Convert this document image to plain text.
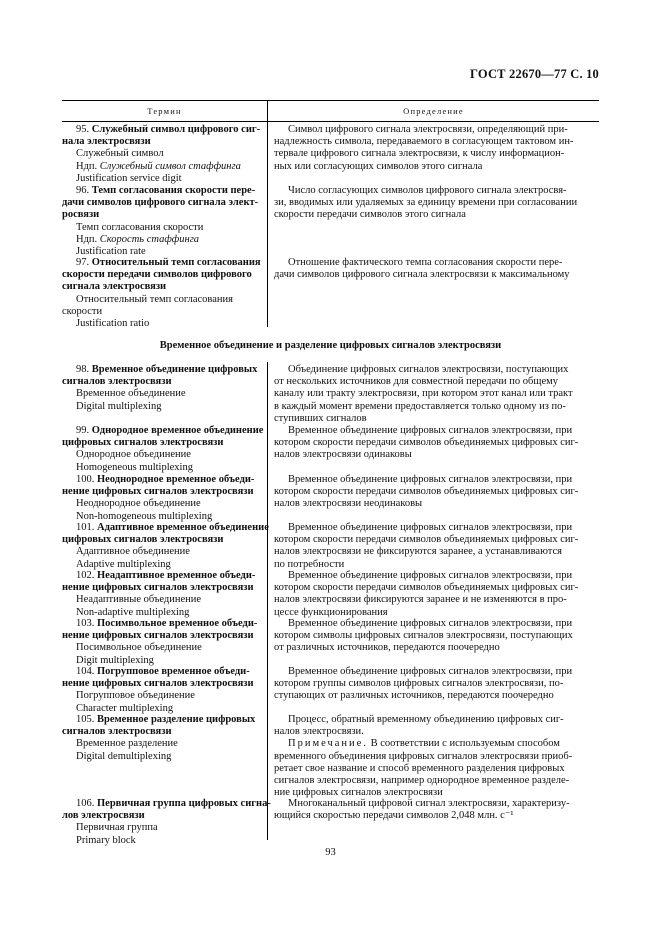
ГОСТ 22670—77 С. 10
Термин	Определение
95. Служебный символ цифрового сиг-
нала электросвязи
Служебный символ
Ндп. Служебный символ стаффинга
Justification service digit
Символ цифрового сигнала электросвязи, определяющий при-
надлежность символа, передаваемого в согласующем тактовом ин-
тервале цифрового сигнала электросвязи, к числу информацион-
ных или согласующих символов этого сигнала
96. Темп согласования скорости пере-
дачи символов цифрового сигнала элект-
росвязи
Темп согласования скорости
Ндп. Скорость стаффинга
Justification rate
Число согласующих символов цифрового сигнала электросвя-
зи, вводимых или удаляемых за единицу времени при согласовании
скорости передачи символов этого сигнала
97. Относительный темп согласования
скорости передачи символов цифрового
сигнала электросвязи
Относительный темп согласования
скорости
Justification ratio
Отношение фактического темпа согласования скорости пере-
дачи символов цифрового сигнала электросвязи к максимальному
Временное объединение и разделение цифровых сигналов электросвязи
98. Временное объединение цифровых
сигналов электросвязи
Временное объединение
Digital multiplexing
Объединение цифровых сигналов электросвязи, поступающих
от нескольких источников для совместной передачи по общему
каналу или тракту электросвязи, при котором этот канал или тракт
в каждый момент времени предоставляется только одному из по-
ступивших сигналов
99. Однородное временное объединение
цифровых сигналов электросвязи
Однородное объединение
Homogeneous multiplexing
Временное объединение цифровых сигналов электросвязи, при
котором скорости передачи символов объединяемых цифровых сиг-
налов электросвязи одинаковы
100. Неоднородное временное объеди-
нение цифровых сигналов электросвязи
Неоднородное объединение
Non-homogeneous multiplexing
Временное объединение цифровых сигналов электросвязи, при
котором скорости передачи символов объединяемых цифровых сиг-
налов электросвязи неодинаковы
101. Адаптивное временное объединение
цифровых сигналов электросвязи
Адаптивное объединение
Adaptive multiplexing
Временное объединение цифровых сигналов электросвязи, при
котором скорости передачи символов объединяемых цифровых сиг-
налов электросвязи не фиксируются заранее, а устанавливаются
по потребности
102. Неадаптивное временное объеди-
нение цифровых сигналов электросвязи
Неадаптивные объединение
Non-adaptive multiplexing
Временное объединение цифровых сигналов электросвязи, при
котором скорости передачи символов объединяемых цифровых сиг-
налов электросвязи фиксируются заранее и не изменяются в про-
цессе функционирования
103. Посимвольное временное объеди-
нение цифровых сигналов электросвязи
Посимвольное объединение
Digit multiplexing
Временное объединение цифровых сигналов электросвязи, при
котором символы цифровых сигналов электросвязи, поступающих
от различных источников, передаются поочередно
104. Погрупповое временное объеди-
нение цифровых сигналов электросвязи
Погрупповое объединение
Character multiplexing
Временное объединение цифровых сигналов электросвязи, при
котором группы символов цифровых сигналов электросвязи, по-
ступающих от различных источников, передаются поочередно
105. Временное разделение цифровых
сигналов электросвязи
Временное разделение
Digital demultiplexing
Процесс, обратный временному объединению цифровых сиг-
налов электросвязи.
Примечание. В соответствии с используемым способом
временного объединения цифровых сигналов электросвязи приоб-
ретает свое название и способ временного разделения цифровых
сигналов электросвязи, например однородное временное разделе-
ние цифровых сигналов электросвязи
106. Первичная группа цифровых сигна-
лов электросвязи
Первичная группа
Primary block
Многоканальный цифровой сигнал электросвязи, характеризу-
ющийся скоростью передачи символов 2,048 млн. c⁻¹
93
